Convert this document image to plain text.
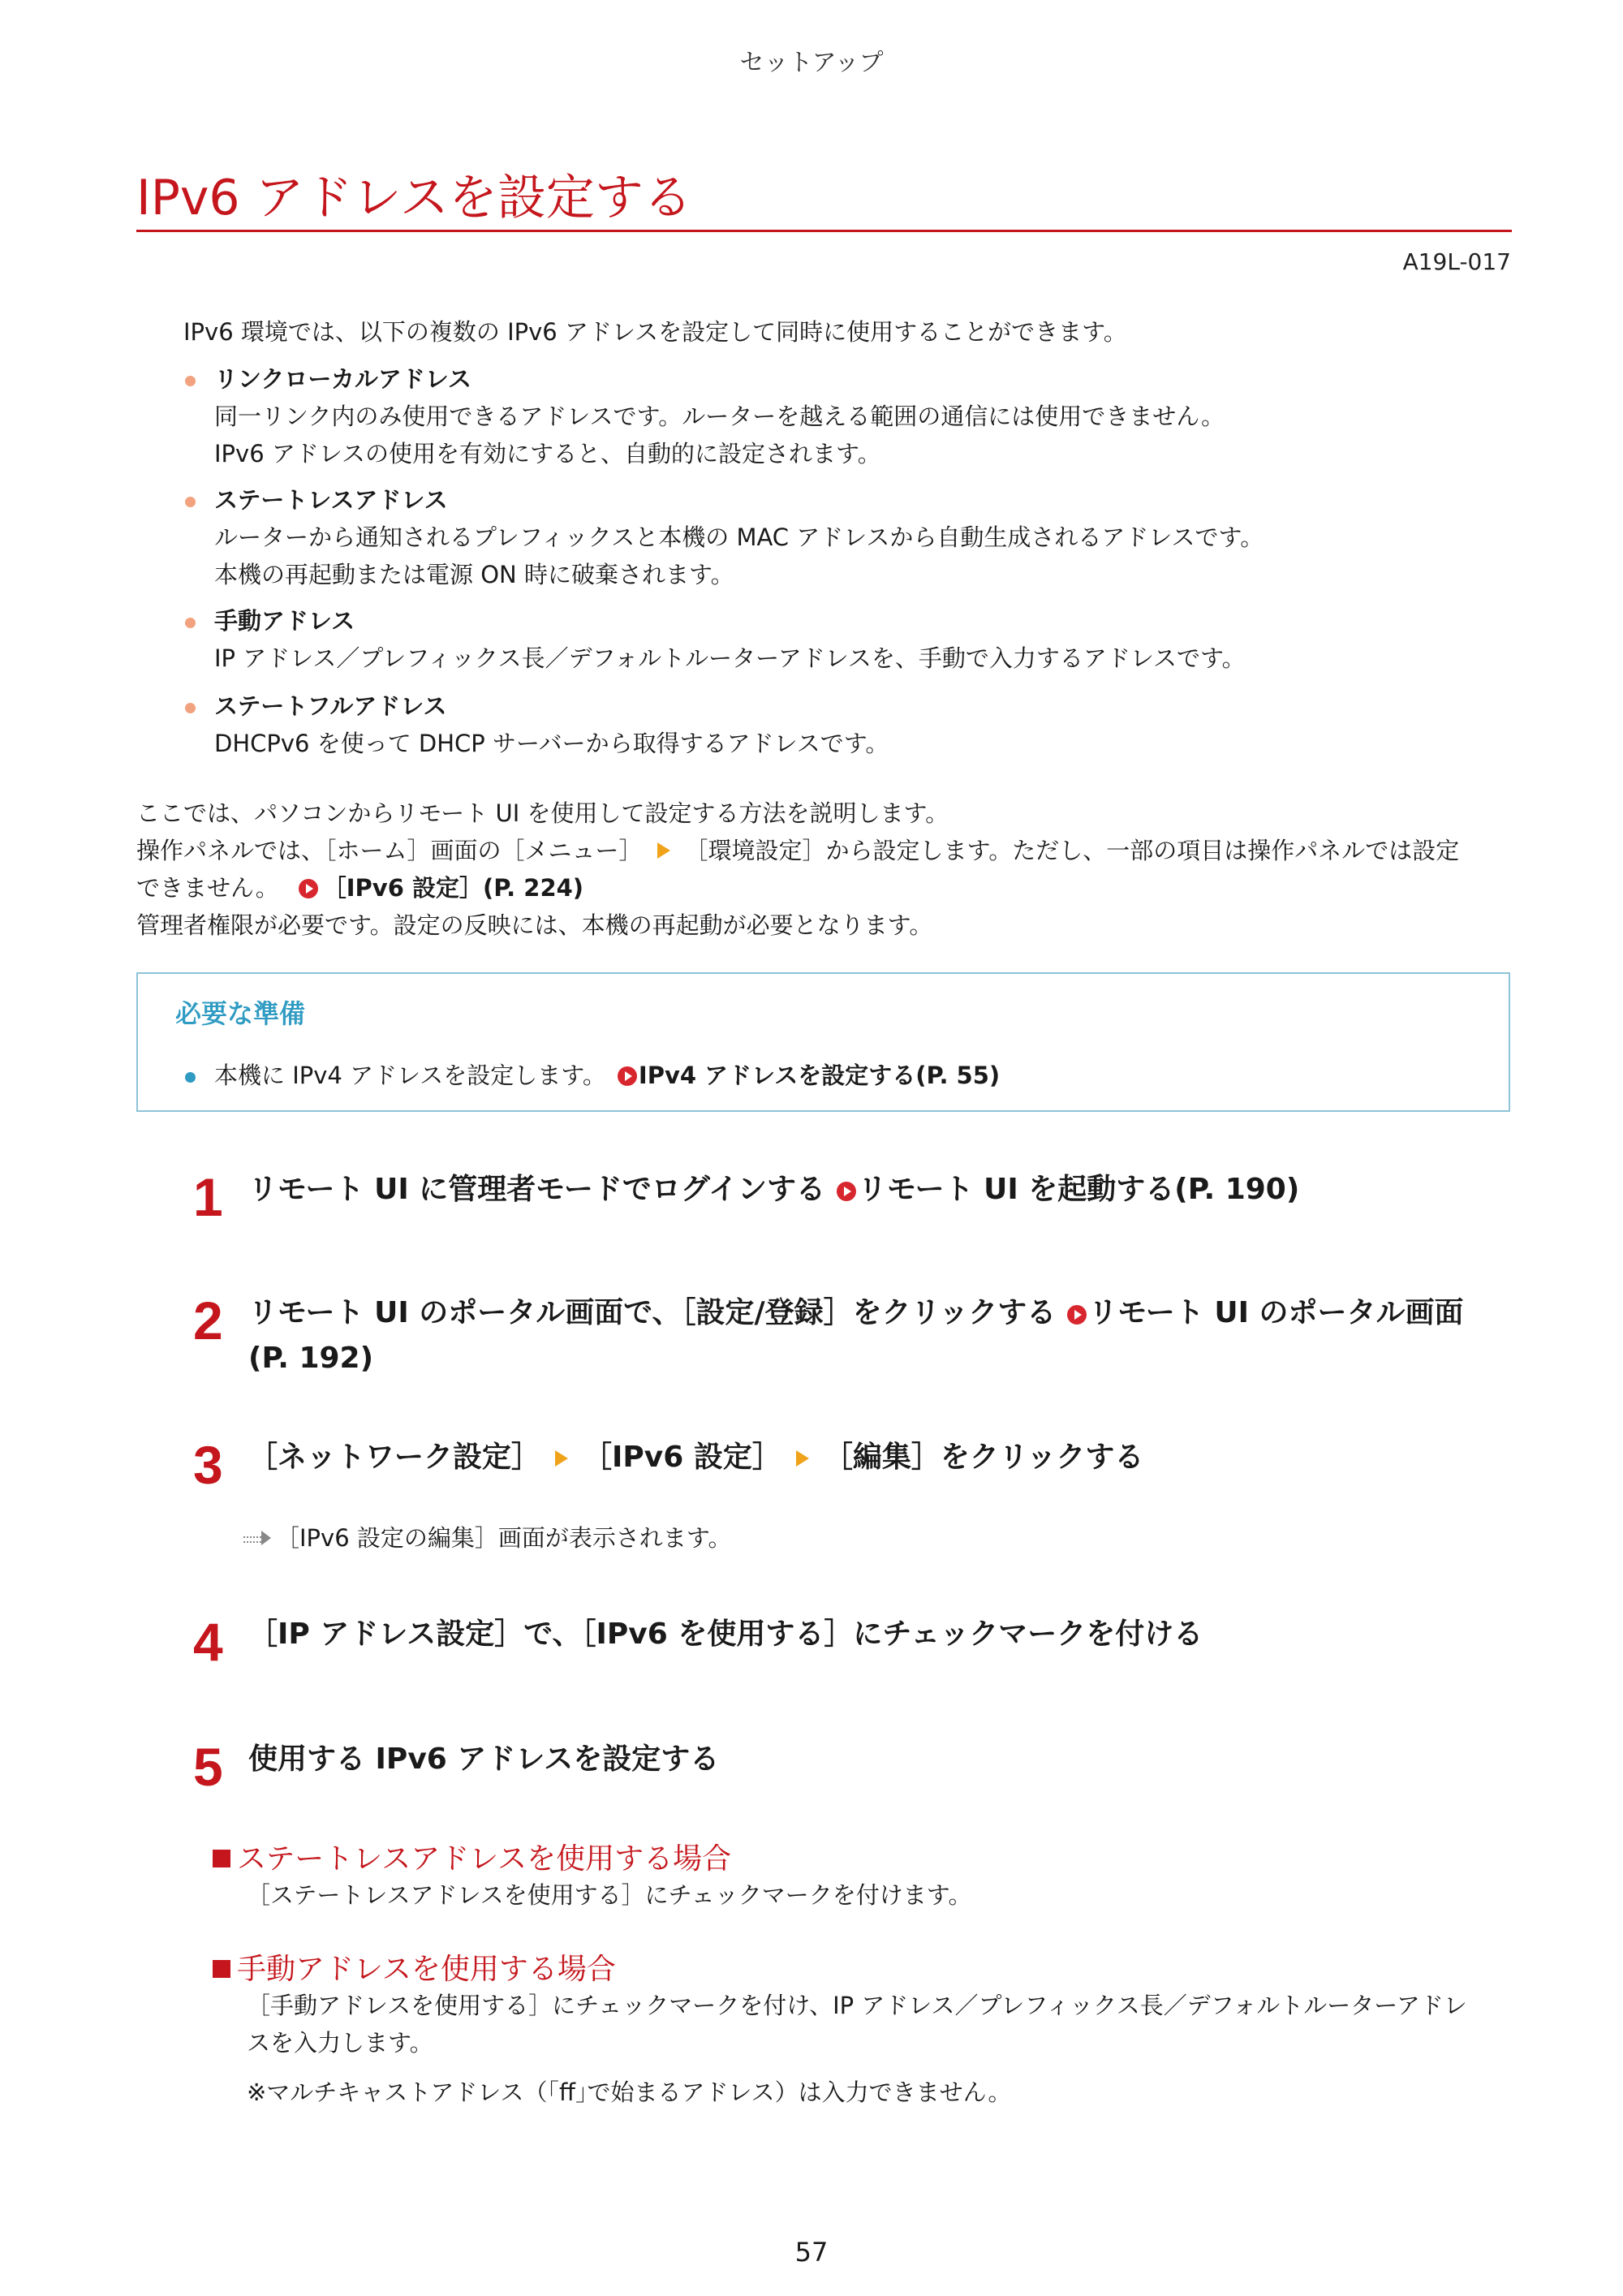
セットアップ
IPv6 アドレスを設定する
A19L-017
IPv6 環境では、以下の複数の IPv6 アドレスを設定して同時に使用することができます。
リンクローカルアドレス
同一リンク内のみ使用できるアドレスです。ルーターを越える範囲の通信には使用できません。
IPv6 アドレスの使用を有効にすると、自動的に設定されます。
ステートレスアドレス
ルーターから通知されるプレフィックスと本機の MAC アドレスから自動生成されるアドレスです。
本機の再起動または電源 ON 時に破棄されます。
手動アドレス
IP アドレス／プレフィックス長／デフォルトルーターアドレスを、手動で入力するアドレスです。
ステートフルアドレス
DHCPv6 を使って DHCP サーバーから取得するアドレスです。
ここでは、パソコンからリモート UI を使用して設定する方法を説明します。
操作パネルでは、［ホーム］画面の［メニュー］ ［環境設定］から設定します。ただし、一部の項目は操作パネルでは設定
できません。 ［IPv6 設定］(P. 224)
管理者権限が必要です。設定の反映には、本機の再起動が必要となります。
必要な準備
本機に IPv4 アドレスを設定します。 IPv4 アドレスを設定する(P. 55)
1 リモート UI に管理者モードでログインする リモート UI を起動する(P. 190)
2 リモート UI のポータル画面で、［設定/登録］をクリックする リモート UI のポータル画面
(P. 192)
3 ［ネットワーク設定］ ［IPv6 設定］ ［編集］をクリックする
［IPv6 設定の編集］画面が表示されます。
4 ［IP アドレス設定］で、［IPv6 を使用する］にチェックマークを付ける
5 使用する IPv6 アドレスを設定する
ステートレスアドレスを使用する場合
［ステートレスアドレスを使用する］にチェックマークを付けます。
手動アドレスを使用する場合
［手動アドレスを使用する］にチェックマークを付け、IP アドレス／プレフィックス長／デフォルトルーターアドレ
スを入力します。
※マルチキャストアドレス（｢ff｣で始まるアドレス）は入力できません。
57
